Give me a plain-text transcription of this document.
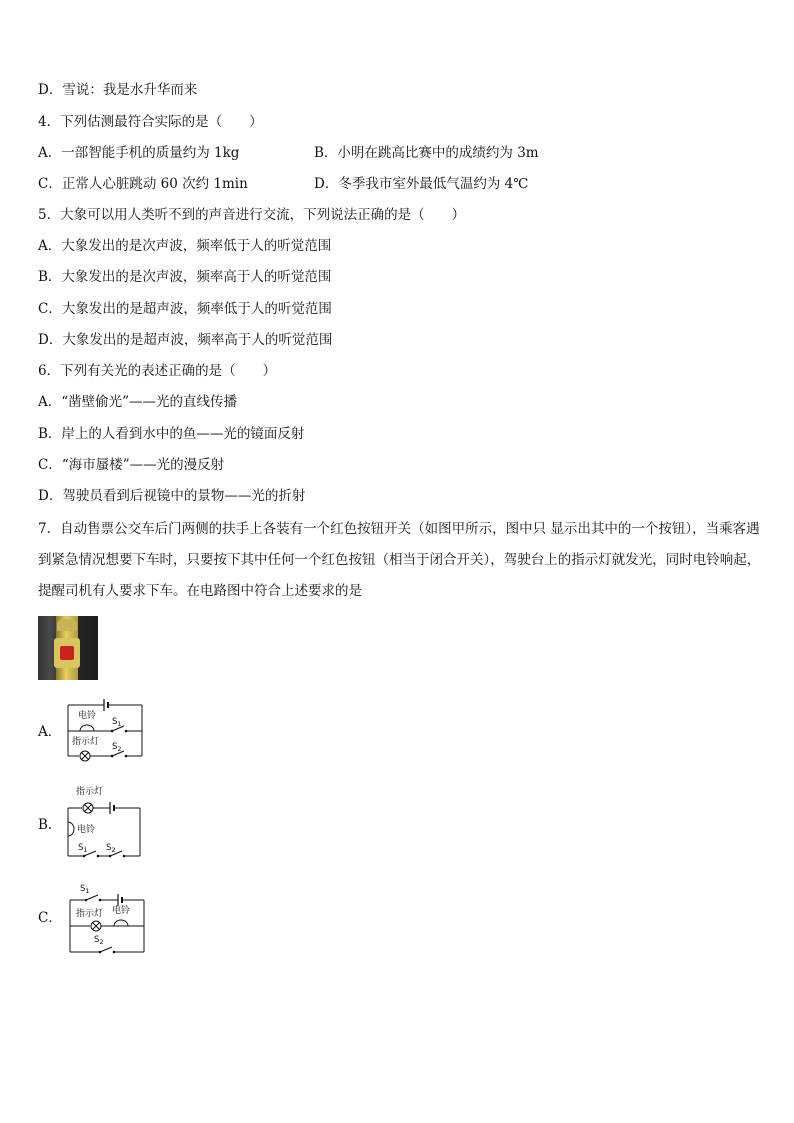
D．雪说：我是水升华而来
4．下列估测最符合实际的是（　　）
A．一部智能手机的质量约为 1kg	B．小明在跳高比赛中的成绩约为 3m
C．正常人心脏跳动 60 次约 1min	D．冬季我市室外最低气温约为 4℃
5．大象可以用人类听不到的声音进行交流，下列说法正确的是（　　）
A．大象发出的是次声波，频率低于人的听觉范围
B．大象发出的是次声波，频率高于人的听觉范围
C．大象发出的是超声波，频率低于人的听觉范围
D．大象发出的是超声波，频率高于人的听觉范围
6．下列有关光的表述正确的是（　　）
A．“凿壁偷光”——光的直线传播
B．岸上的人看到水中的鱼——光的镜面反射
C．“海市蜃楼”——光的漫反射
D．驾驶员看到后视镜中的景物——光的折射
7．自动售票公交车后门两侧的扶手上各装有一个红色按钮开关（如图甲所示，图中只 显示出其中的一个按钮），当乘客遇到紧急情况想要下车时，只要按下其中任何一个红色按钮（相当于闭合开关），驾驶台上的指示灯就发光，同时电铃响起，提醒司机有人要求下车。在电路图中符合上述要求的是
A．
电铃
指示灯
$S_1$
$S_2$
B．
指示灯
电铃
$S_1$ $S_2$
C．
$S_1$
指示灯 电铃
$S_2$
